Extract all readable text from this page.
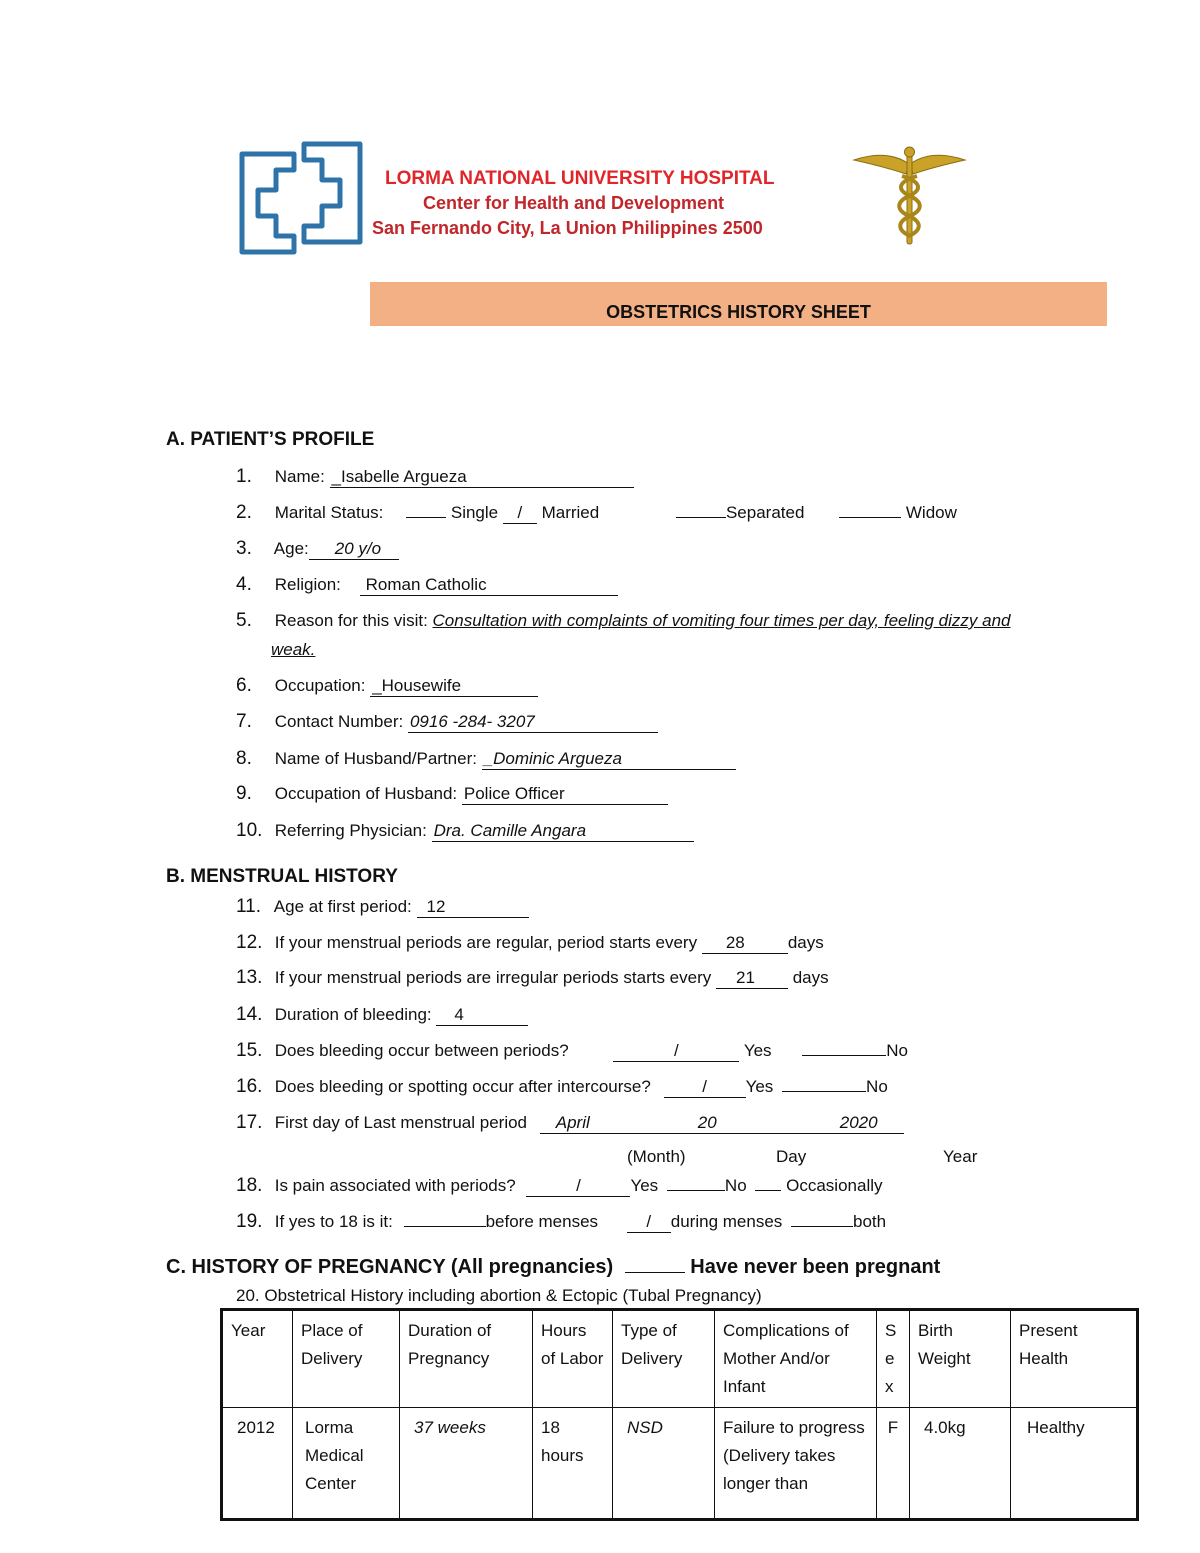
LORMA NATIONAL UNIVERSITY HOSPITAL
Center for Health and Development
San Fernando City, La Union Philippines 2500
OBSTETRICS HISTORY SHEET
A. PATIENT’S PROFILE
1. Name: _Isabelle Argueza
2. Marital Status:	Single / Married	Separated	Widow
3. Age: 20 y/o
4. Religion: Roman Catholic
5. Reason for this visit: Consultation with complaints of vomiting four times per day, feeling dizzy and
weak.
6. Occupation: _Housewife
7. Contact Number: 0916 -284- 3207
8. Name of Husband/Partner: _Dominic Argueza
9. Occupation of Husband: Police Officer
10. Referring Physician: Dra. Camille Angara
B. MENSTRUAL HISTORY
11. Age at first period: 12
12. If your menstrual periods are regular, period starts every 28	days
13. If your menstrual periods are irregular periods starts every 21 days
14. Duration of bleeding: 4
15. Does bleeding occur between periods?	/	Yes	No
16. Does bleeding or spotting occur after intercourse?	/ Yes	No
17. First day of Last menstrual period April	20	2020

(Month)	Day	Year
18. Is pain associated with periods?	/	Yes	No Occasionally
19. If yes to 18 is it:	before menses	/ during menses	both
C. HISTORY OF PREGNANCY (All pregnancies)	Have never been pregnant
20. Obstetrical History including abortion & Ectopic (Tubal Pregnancy)
Year	Place of Delivery	Duration of Pregnancy	Hours of Labor	Type of Delivery	Complications of Mother And/or Infant	S e x	Birth Weight	Present Health
2012	Lorma Medical Center	37 weeks	18 hours	NSD	Failure to progress (Delivery takes longer than	F	4.0kg	Healthy
